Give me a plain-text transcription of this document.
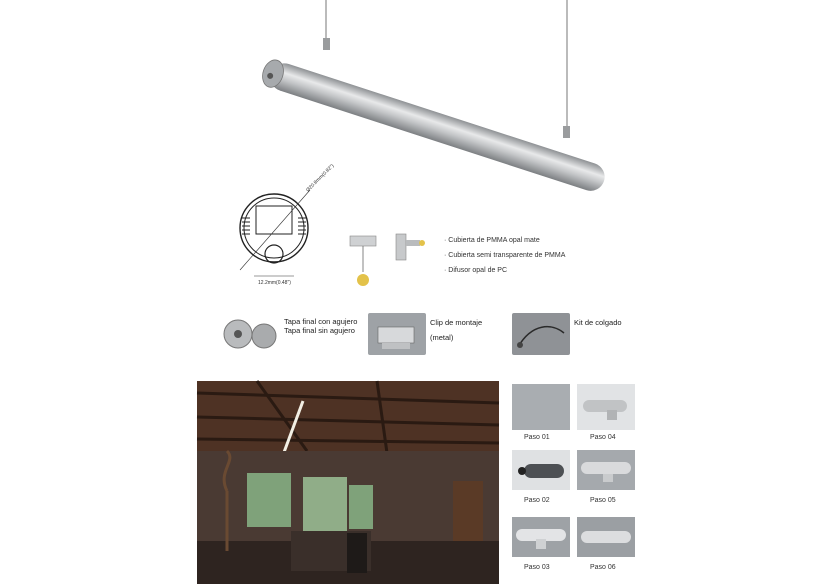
Ø20.8mm(0.82")
12.2mm(0.48")
· Cubierta de PMMA opal mate
· Cubierta semi transparente de PMMA
· Difusor opal de PC
Tapa final con agujero
Tapa final sin agujero
Clip de montaje
(metal)
Kit de colgado
Paso 01
Paso 02
Paso 03
Paso 04
Paso 05
Paso 06
